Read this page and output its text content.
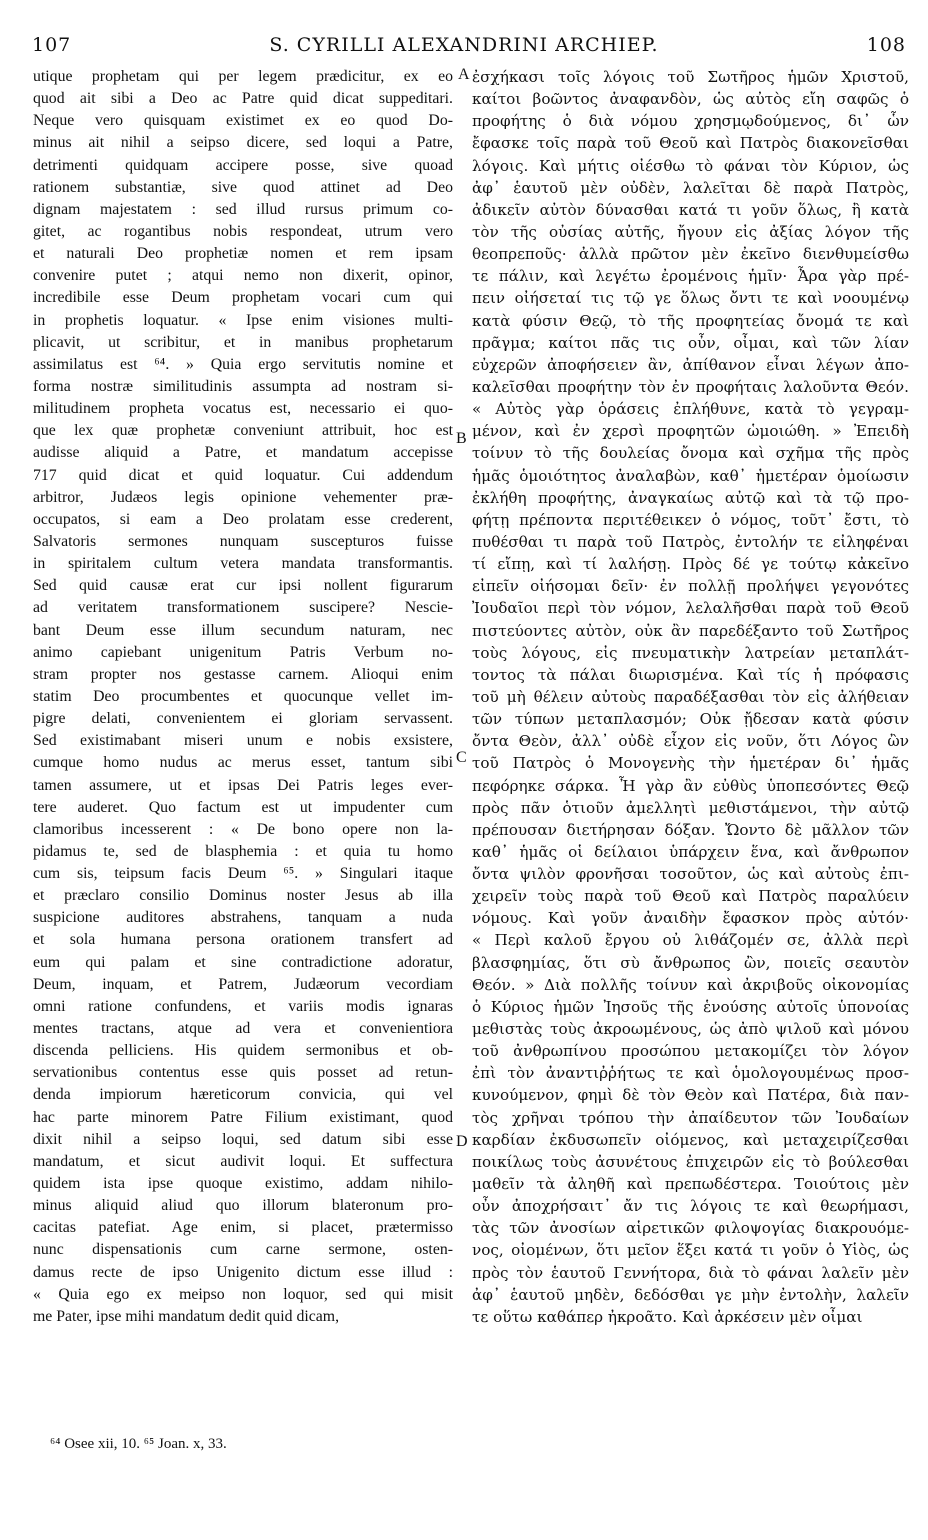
S. CYRILLI ALEXANDRINI ARCHIEP.
107	108
utique prophetam qui per legem prædicitur, ex eo
quod ait sibi a Deo ac Patre quid dicat suppeditari.
Neque vero quisquam existimet ex eo quod Do-
minus ait nihil a seipso dicere, sed loqui a Patre,
detrimenti quidquam accipere posse, sive quoad
rationem substantiæ, sive quod attinet ad Deo
dignam majestatem : sed illud rursus primum co-
gitet, ac rogantibus nobis respondeat, utrum vero
et naturali Deo prophetiæ nomen et rem ipsam
convenire putet ; atqui nemo non dixerit, opinor,
incredibile esse Deum prophetam vocari cum qui
in prophetis loquatur. « Ipse enim visiones multi-
plicavit, ut scribitur, et in manibus prophetarum
assimilatus est ⁶⁴. » Quia ergo servitutis nomine et
forma nostræ similitudinis assumpta ad nostram si-
militudinem propheta vocatus est, necessario ei quo-
que lex quæ prophetæ conveniunt attribuit, hoc est
audisse aliquid a Patre, et mandatum accepisse
717 quid dicat et quid loquatur. Cui addendum
arbitror, Judæos legis opinione vehementer præ-
occupatos, si eam a Deo prolatam esse crederent,
Salvatoris sermones nunquam suscepturos fuisse
in spiritalem cultum vetera mandata transformantis.
Sed quid causæ erat cur ipsi nollent figurarum
ad veritatem transformationem suscipere? Nescie-
bant Deum esse illum secundum naturam, nec
animo capiebant unigenitum Patris Verbum no-
stram propter nos gestasse carnem. Alioqui enim
statim Deo procumbentes et quocunque vellet im-
pigre delati, convenientem ei gloriam servassent.
Sed existimabant miseri unum e nobis exsistere,
cumque homo nudus ac merus esset, tantum sibi
tamen assumere, ut et ipsas Dei Patris leges ever-
tere auderet. Quo factum est ut impudenter cum
clamoribus incesserent : « De bono opere non la-
pidamus te, sed de blasphemia : et quia tu homo
cum sis, teipsum facis Deum ⁶⁵. » Singulari itaque
et præclaro consilio Dominus noster Jesus ab illa
suspicione auditores abstrahens, tanquam a nuda
et sola humana persona orationem transfert ad
eum qui palam et sine contradictione adoratur,
Deum, inquam, et Patrem, Judæorum vecordiam
omni ratione confundens, et variis modis ignaras
mentes tractans, atque ad vera et convenientiora
discenda pelliciens. His quidem sermonibus et ob-
servationibus contentus esse quis posset ad retun-
denda impiorum hæreticorum convicia, qui vel
hac parte minorem Patre Filium existimant, quod
dixit nihil a seipso loqui, sed datum sibi esse
mandatum, et sicut audivit loqui. Et suffectura
quidem ista ipse quoque existimo, addam nihilo-
minus aliquid aliud quo illorum blateronum pro-
cacitas patefiat. Age enim, si placet, prætermisso
nunc dispensationis cum carne sermone, osten-
damus recte de ipso Unigenito dictum esse illud :
« Quia ego ex meipso non loquor, sed qui misit
me Pater, ipse mihi mandatum dedit quid dicam,
ἐσχήκασι τοῖς λόγοις τοῦ Σωτῆρος ἡμῶν Χριστοῦ,
καίτοι βοῶντος ἀναφανδὸν, ὡς αὐτὸς εἴη σαφῶς ὁ
προφήτης ὁ διὰ νόμου χρησμῳδούμενος, δι᾽ ὧν
ἔφασκε τοῖς παρὰ τοῦ Θεοῦ καὶ Πατρὸς διακονεῖσθαι
λόγοις. Καὶ μήτις οἰέσθω τὸ φάναι τὸν Κύριον, ὡς
ἀφ᾽ ἑαυτοῦ μὲν οὐδὲν, λαλεῖται δὲ παρὰ Πατρὸς,
ἀδικεῖν αὐτὸν δύνασθαι κατά τι γοῦν ὅλως, ἢ κατὰ
τὸν τῆς οὐσίας αὐτῆς, ἤγουν εἰς ἀξίας λόγον τῆς
θεοπρεποῦς· ἀλλὰ πρῶτον μὲν ἐκεῖνο διενθυμείσθω
τε πάλιν, καὶ λεγέτω ἐρομένοις ἡμῖν· Ἆρα γὰρ πρέ-
πειν οἰήσεταί τις τῷ γε ὅλως ὄντι τε καὶ νοουμένῳ
κατὰ φύσιν Θεῷ, τὸ τῆς προφητείας ὄνομά τε καὶ
πρᾶγμα; καίτοι πᾶς τις οὖν, οἶμαι, καὶ τῶν λίαν
εὐχερῶν ἀποφήσειεν ἂν, ἀπίθανον εἶναι λέγων ἀπο-
καλεῖσθαι προφήτην τὸν ἐν προφήταις λαλοῦντα Θεόν.
« Αὐτὸς γὰρ ὁράσεις ἐπλήθυνε, κατὰ τὸ γεγραμ-
μένον, καὶ ἐν χερσὶ προφητῶν ὡμοιώθη. » Ἐπειδὴ
τοίνυν τὸ τῆς δουλείας ὄνομα καὶ σχῆμα τῆς πρὸς
ἡμᾶς ὁμοιότητος ἀναλαβὼν, καθ᾽ ἡμετέραν ὁμοίωσιν
ἐκλήθη προφήτης, ἀναγκαίως αὐτῷ καὶ τὰ τῷ προ-
φήτῃ πρέποντα περιτέθεικεν ὁ νόμος, τοῦτ᾽ ἔστι, τὸ
πυθέσθαι τι παρὰ τοῦ Πατρὸς, ἐντολήν τε εἰληφέναι
τί εἴπῃ, καὶ τί λαλήσῃ. Πρὸς δέ γε τούτῳ κἀκεῖνο
εἰπεῖν οἰήσομαι δεῖν· ἐν πολλῇ προλήψει γεγονότες
Ἰουδαῖοι περὶ τὸν νόμον, λελαλῆσθαι παρὰ τοῦ Θεοῦ
πιστεύοντες αὐτὸν, οὐκ ἂν παρεδέξαντο τοῦ Σωτῆρος
τοὺς λόγους, εἰς πνευματικὴν λατρείαν μεταπλάτ-
τοντος τὰ πάλαι διωρισμένα. Καὶ τίς ἡ πρόφασις
τοῦ μὴ θέλειν αὐτοὺς παραδέξασθαι τὸν εἰς ἀλήθειαν
τῶν τύπων μεταπλασμόν; Οὐκ ᾔδεσαν κατὰ φύσιν
ὄντα Θεὸν, ἀλλ᾽ οὐδὲ εἶχον εἰς νοῦν, ὅτι Λόγος ὢν
τοῦ Πατρὸς ὁ Μονογενὴς τὴν ἡμετέραν δι᾽ ἡμᾶς
πεφόρηκε σάρκα. Ἦ γὰρ ἂν εὐθὺς ὑποπεσόντες Θεῷ
πρὸς πᾶν ὁτιοῦν ἀμελλητὶ μεθιστάμενοι, τὴν αὐτῷ
πρέπουσαν διετήρησαν δόξαν. Ὤοντο δὲ μᾶλλον τῶν
καθ᾽ ἡμᾶς οἱ δείλαιοι ὑπάρχειν ἕνα, καὶ ἄνθρωπον
ὄντα ψιλὸν φρονῆσαι τοσοῦτον, ὡς καὶ αὐτοὺς ἐπι-
χειρεῖν τοὺς παρὰ τοῦ Θεοῦ καὶ Πατρὸς παραλύειν
νόμους. Καὶ γοῦν ἀναιδὴν ἔφασκον πρὸς αὐτόν·
« Περὶ καλοῦ ἔργου οὐ λιθάζομέν σε, ἀλλὰ περὶ
βλασφημίας, ὅτι σὺ ἄνθρωπος ὢν, ποιεῖς σεαυτὸν
Θεόν. » Διὰ πολλῆς τοίνυν καὶ ἀκριβοῦς οἰκονομίας
ὁ Κύριος ἡμῶν Ἰησοῦς τῆς ἑνούσης αὐτοῖς ὑπονοίας
μεθιστὰς τοὺς ἀκροωμένους, ὡς ἀπὸ ψιλοῦ καὶ μόνου
τοῦ ἀνθρωπίνου προσώπου μετακομίζει τὸν λόγον
ἐπὶ τὸν ἀναντιῤῥήτως τε καὶ ὁμολογουμένως προσ-
κυνούμενον, φημὶ δὲ τὸν Θεὸν καὶ Πατέρα, διὰ παν-
τὸς χρῆναι τρόπου τὴν ἀπαίδευτον τῶν Ἰουδαίων
καρδίαν ἐκδυσωπεῖν οἰόμενος, καὶ μεταχειρίζεσθαι
ποικίλως τοὺς ἀσυνέτους ἐπιχειρῶν εἰς τὸ βούλεσθαι
μαθεῖν τὰ ἀληθῆ καὶ πρεπωδέστερα. Τοιούτοις μὲν
οὖν ἀποχρήσαιτ᾽ ἄν τις λόγοις τε καὶ θεωρήμασι,
τὰς τῶν ἀνοσίων αἱρετικῶν φιλοψογίας διακρουόμε-
νος, οἰομένων, ὅτι μεῖον ἕξει κατά τι γοῦν ὁ Υἱὸς, ὡς
πρὸς τὸν ἑαυτοῦ Γεννήτορα, διὰ τὸ φάναι λαλεῖν μὲν
ἀφ᾽ ἑαυτοῦ μηδὲν, δεδόσθαι γε μὴν ἐντολὴν, λαλεῖν
τε οὕτω καθάπερ ἠκροᾶτο. Καὶ ἀρκέσειν μὲν οἶμαι
A
B
C
D
⁶⁴ Osee xii, 10. ⁶⁵ Joan. x, 33.
